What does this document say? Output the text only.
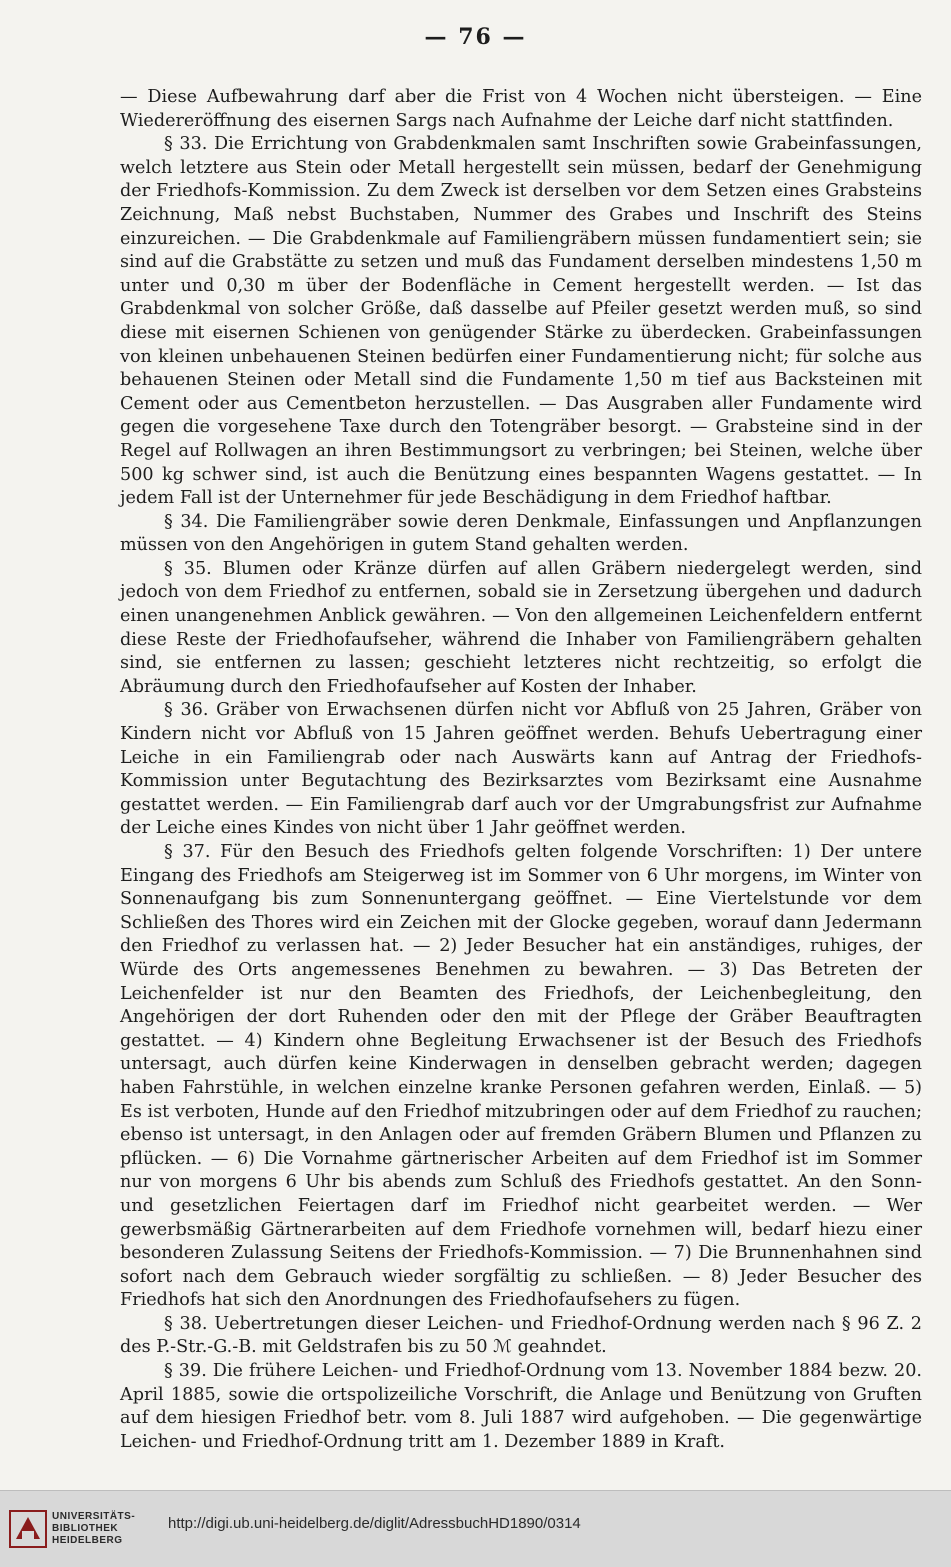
— 76 —

— Diese Aufbewahrung darf aber die Frist von 4 Wochen nicht übersteigen. — Eine Wiedereröffnung des eisernen Sargs nach Aufnahme der Leiche darf nicht stattfinden.

§ 33. Die Errichtung von Grabdenkmalen samt Inschriften sowie Grabeinfassungen, welch letztere aus Stein oder Metall hergestellt sein müssen, bedarf der Genehmigung der Friedhofs-Kommission. Zu dem Zweck ist derselben vor dem Setzen eines Grabsteins Zeichnung, Maß nebst Buchstaben, Nummer des Grabes und Inschrift des Steins einzureichen. — Die Grabdenkmale auf Familiengräbern müssen fundamentiert sein; sie sind auf die Grabstätte zu setzen und muß das Fundament derselben mindestens 1,50 m unter und 0,30 m über der Bodenfläche in Cement hergestellt werden. — Ist das Grabdenkmal von solcher Größe, daß dasselbe auf Pfeiler gesetzt werden muß, so sind diese mit eisernen Schienen von genügender Stärke zu überdecken. Grabeinfassungen von kleinen unbehauenen Steinen bedürfen einer Fundamentierung nicht; für solche aus behauenen Steinen oder Metall sind die Fundamente 1,50 m tief aus Backsteinen mit Cement oder aus Cementbeton herzustellen. — Das Ausgraben aller Fundamente wird gegen die vorgesehene Taxe durch den Totengräber besorgt. — Grabsteine sind in der Regel auf Rollwagen an ihren Bestimmungsort zu verbringen; bei Steinen, welche über 500 kg schwer sind, ist auch die Benützung eines bespannten Wagens gestattet. — In jedem Fall ist der Unternehmer für jede Beschädigung in dem Friedhof haftbar.

§ 34. Die Familiengräber sowie deren Denkmale, Einfassungen und Anpflanzungen müssen von den Angehörigen in gutem Stand gehalten werden.

§ 35. Blumen oder Kränze dürfen auf allen Gräbern niedergelegt werden, sind jedoch von dem Friedhof zu entfernen, sobald sie in Zersetzung übergehen und dadurch einen unangenehmen Anblick gewähren. — Von den allgemeinen Leichenfeldern entfernt diese Reste der Friedhofaufseher, während die Inhaber von Familiengräbern gehalten sind, sie entfernen zu lassen; geschieht letzteres nicht rechtzeitig, so erfolgt die Abräumung durch den Friedhofaufseher auf Kosten der Inhaber.

§ 36. Gräber von Erwachsenen dürfen nicht vor Abfluß von 25 Jahren, Gräber von Kindern nicht vor Abfluß von 15 Jahren geöffnet werden. Behufs Uebertragung einer Leiche in ein Familiengrab oder nach Auswärts kann auf Antrag der Friedhofs-Kommission unter Begutachtung des Bezirksarztes vom Bezirksamt eine Ausnahme gestattet werden. — Ein Familiengrab darf auch vor der Umgrabungsfrist zur Aufnahme der Leiche eines Kindes von nicht über 1 Jahr geöffnet werden.

§ 37. Für den Besuch des Friedhofs gelten folgende Vorschriften: 1) Der untere Eingang des Friedhofs am Steigerweg ist im Sommer von 6 Uhr morgens, im Winter von Sonnenaufgang bis zum Sonnenuntergang geöffnet. — Eine Viertelstunde vor dem Schließen des Thores wird ein Zeichen mit der Glocke gegeben, worauf dann Jedermann den Friedhof zu verlassen hat. — 2) Jeder Besucher hat ein anständiges, ruhiges, der Würde des Orts angemessenes Benehmen zu bewahren. — 3) Das Betreten der Leichenfelder ist nur den Beamten des Friedhofs, der Leichenbegleitung, den Angehörigen der dort Ruhenden oder den mit der Pflege der Gräber Beauftragten gestattet. — 4) Kindern ohne Begleitung Erwachsener ist der Besuch des Friedhofs untersagt, auch dürfen keine Kinderwagen in denselben gebracht werden; dagegen haben Fahrstühle, in welchen einzelne kranke Personen gefahren werden, Einlaß. — 5) Es ist verboten, Hunde auf den Friedhof mitzubringen oder auf dem Friedhof zu rauchen; ebenso ist untersagt, in den Anlagen oder auf fremden Gräbern Blumen und Pflanzen zu pflücken. — 6) Die Vornahme gärtnerischer Arbeiten auf dem Friedhof ist im Sommer nur von morgens 6 Uhr bis abends zum Schluß des Friedhofs gestattet. An den Sonn- und gesetzlichen Feiertagen darf im Friedhof nicht gearbeitet werden. — Wer gewerbsmäßig Gärtnerarbeiten auf dem Friedhofe vornehmen will, bedarf hiezu einer besonderen Zulassung Seitens der Friedhofs-Kommission. — 7) Die Brunnenhahnen sind sofort nach dem Gebrauch wieder sorgfältig zu schließen. — 8) Jeder Besucher des Friedhofs hat sich den Anordnungen des Friedhofaufsehers zu fügen.

§ 38. Uebertretungen dieser Leichen- und Friedhof-Ordnung werden nach § 96 Z. 2 des P.-Str.-G.-B. mit Geldstrafen bis zu 50 ℳ geahndet.

§ 39. Die frühere Leichen- und Friedhof-Ordnung vom 13. November 1884 bezw. 20. April 1885, sowie die ortspolizeiliche Vorschrift, die Anlage und Benützung von Gruften auf dem hiesigen Friedhof betr. vom 8. Juli 1887 wird aufgehoben. — Die gegenwärtige Leichen- und Friedhof-Ordnung tritt am 1. Dezember 1889 in Kraft.

UNIVERSITÄTS-
BIBLIOTHEK
HEIDELBERG
http://digi.ub.uni-heidelberg.de/diglit/AdressbuchHD1890/0314
